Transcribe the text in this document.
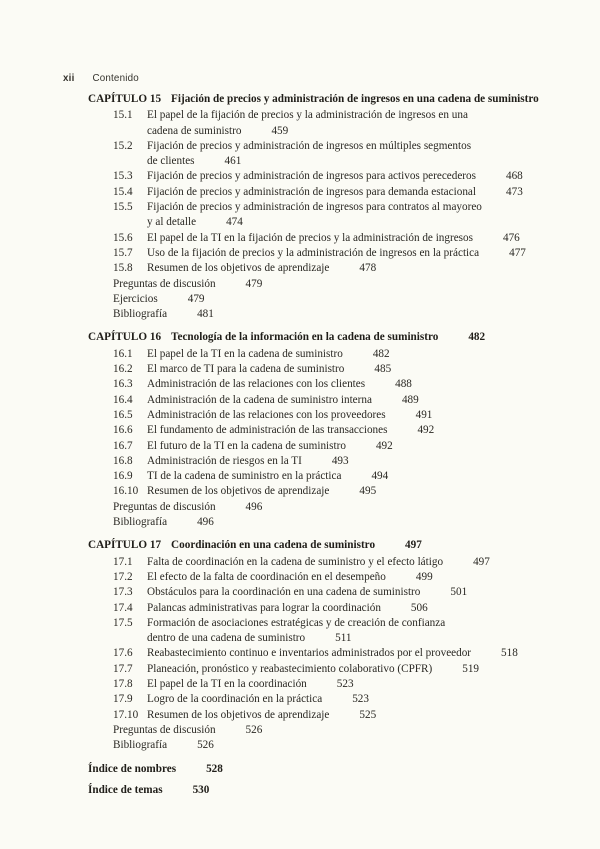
xii Contenido
CAPÍTULO 15 Fijación de precios y administración de ingresos en una cadena de suministro
15.1 El papel de la fijación de precios y la administración de ingresos en una
cadena de suministro	459
15.2 Fijación de precios y administración de ingresos en múltiples segmentos
de clientes	461
15.3 Fijación de precios y administración de ingresos para activos perecederos	468
15.4 Fijación de precios y administración de ingresos para demanda estacional	473
15.5 Fijación de precios y administración de ingresos para contratos al mayoreo
y al detalle	474
15.6 El papel de la TI en la fijación de precios y la administración de ingresos	476
15.7 Uso de la fijación de precios y la administración de ingresos en la práctica	477
15.8 Resumen de los objetivos de aprendizaje	478
Preguntas de discusión	479
Ejercicios	479
Bibliografía	481
CAPÍTULO 16 Tecnología de la información en la cadena de suministro	482
16.1 El papel de la TI en la cadena de suministro	482
16.2 El marco de TI para la cadena de suministro	485
16.3 Administración de las relaciones con los clientes	488
16.4 Administración de la cadena de suministro interna	489
16.5 Administración de las relaciones con los proveedores	491
16.6 El fundamento de administración de las transacciones	492
16.7 El futuro de la TI en la cadena de suministro	492
16.8 Administración de riesgos en la TI	493
16.9 TI de la cadena de suministro en la práctica	494
16.10 Resumen de los objetivos de aprendizaje	495
Preguntas de discusión	496
Bibliografía	496
CAPÍTULO 17 Coordinación en una cadena de suministro	497
17.1 Falta de coordinación en la cadena de suministro y el efecto látigo	497
17.2 El efecto de la falta de coordinación en el desempeño	499
17.3 Obstáculos para la coordinación en una cadena de suministro	501
17.4 Palancas administrativas para lograr la coordinación	506
17.5 Formación de asociaciones estratégicas y de creación de confianza
dentro de una cadena de suministro	511
17.6 Reabastecimiento continuo e inventarios administrados por el proveedor	518
17.7 Planeación, pronóstico y reabastecimiento colaborativo (CPFR)	519
17.8 El papel de la TI en la coordinación	523
17.9 Logro de la coordinación en la práctica	523
17.10 Resumen de los objetivos de aprendizaje	525
Preguntas de discusión	526
Bibliografía	526
Índice de nombres	528
Índice de temas	530
